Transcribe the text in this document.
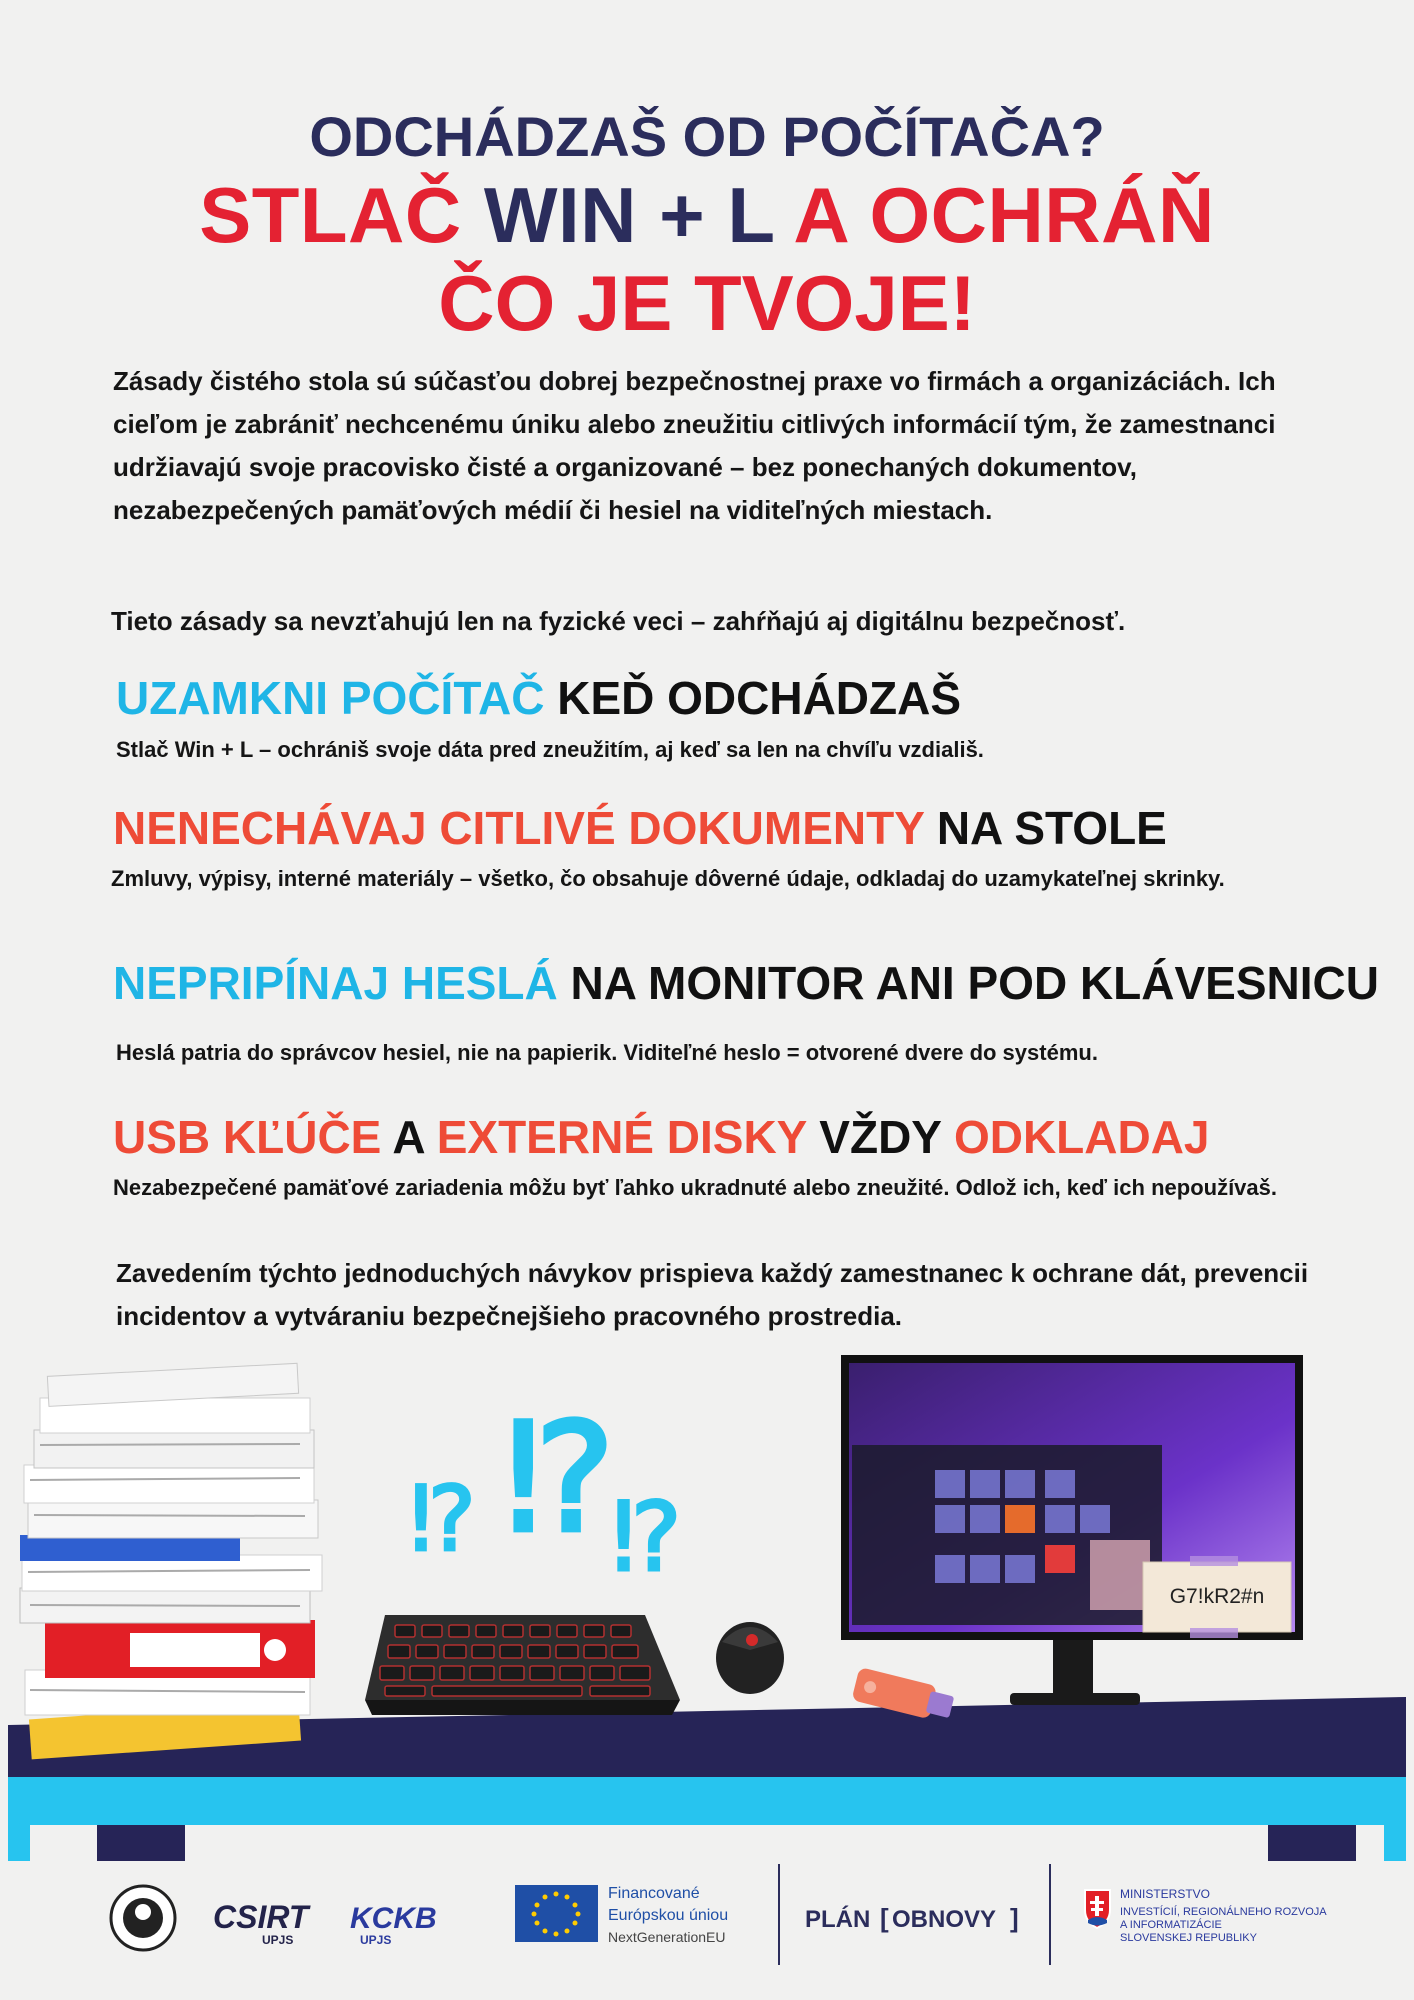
ODCHÁDZAŠ OD POČÍTAČA?
STLAČ WIN + L A OCHRÁŇ
ČO JE TVOJE!
Zásady čistého stola sú súčasťou dobrej bezpečnostnej praxe vo firmách a organizáciách. Ich cieľom je zabrániť nechcenému úniku alebo zneužitiu citlivých informácií tým, že zamestnanci udržiavajú svoje pracovisko čisté a organizované – bez ponechaných dokumentov, nezabezpečených pamäťových médií či hesiel na viditeľných miestach.
Tieto zásady sa nevzťahujú len na fyzické veci – zahŕňajú aj digitálnu bezpečnosť.
UZAMKNI POČÍTAČ KEĎ ODCHÁDZAŠ
Stlač Win + L – ochrániš svoje dáta pred zneužitím, aj keď sa len na chvíľu vzdiališ.
NENECHÁVAJ CITLIVÉ DOKUMENTY NA STOLE
Zmluvy, výpisy, interné materiály – všetko, čo obsahuje dôverné údaje, odkladaj do uzamykateľnej skrinky.
NEPRIPÍNAJ HESLÁ NA MONITOR ANI POD KLÁVESNICU
Heslá patria do správcov hesiel, nie na papierik. Viditeľné heslo = otvorené dvere do systému.
USB KĽÚČE A EXTERNÉ DISKY VŽDY ODKLADAJ
Nezabezpečené pamäťové zariadenia môžu byť ľahko ukradnuté alebo zneužité. Odlož ich, keď ich nepoužívaš.
Zavedením týchto jednoduchých návykov prispieva každý zamestnanec k ochrane dát, prevencii incidentov a vytváraniu bezpečnejšieho pracovného prostredia.
⁉ ⁉
⁉
G7!kR2#n
CSIRT
UPJS
KCKB
UPJS
Financované
Európskou úniou
NextGenerationEU
PLÁN [ OBNOVY ]
MINISTERSTVO
INVESTÍCIÍ, REGIONÁLNEHO ROZVOJA
A INFORMATIZÁCIE
SLOVENSKEJ REPUBLIKY
